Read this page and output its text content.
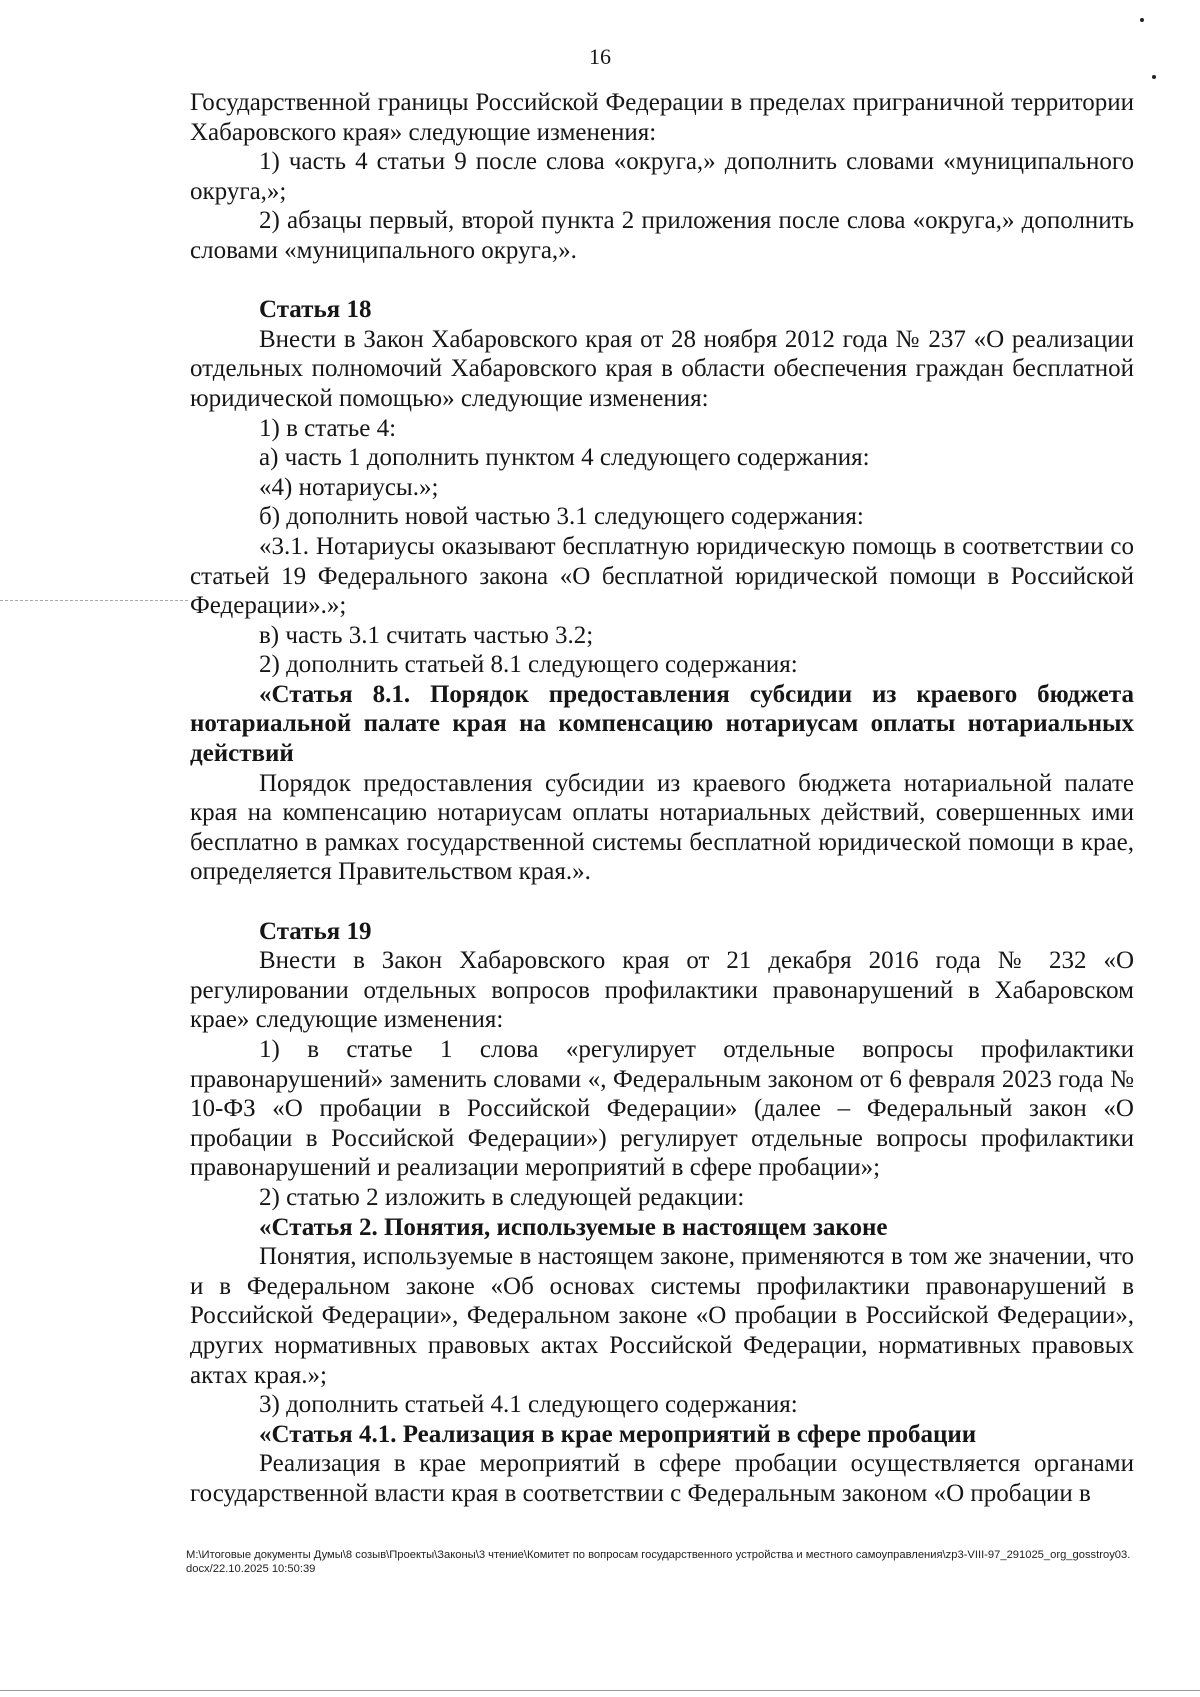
16

Государственной границы Российской Федерации в пределах приграничной территории Хабаровского края» следующие изменения:

1) часть 4 статьи 9 после слова «округа,» дополнить словами «муниципального округа,»;

2) абзацы первый, второй пункта 2 приложения после слова «округа,» дополнить словами «муниципального округа,».

Статья 18

Внести в Закон Хабаровского края от 28 ноября 2012 года № 237 «О реализации отдельных полномочий Хабаровского края в области обеспечения граждан бесплатной юридической помощью» следующие изменения:

1) в статье 4:

а) часть 1 дополнить пунктом 4 следующего содержания:

«4) нотариусы.»;

б) дополнить новой частью 3.1 следующего содержания:

«3.1. Нотариусы оказывают бесплатную юридическую помощь в соответствии со статьей 19 Федерального закона «О бесплатной юридической помощи в Российской Федерации».»;

в) часть 3.1 считать частью 3.2;

2) дополнить статьей 8.1 следующего содержания:

«Статья 8.1. Порядок предоставления субсидии из краевого бюджета нотариальной палате края на компенсацию нотариусам оплаты нотариальных действий

Порядок предоставления субсидии из краевого бюджета нотариальной палате края на компенсацию нотариусам оплаты нотариальных действий, совершенных ими бесплатно в рамках государственной системы бесплатной юридической помощи в крае, определяется Правительством края.».

Статья 19

Внести в Закон Хабаровского края от 21 декабря 2016 года № 232 «О регулировании отдельных вопросов профилактики правонарушений в Хабаровском крае» следующие изменения:

1) в статье 1 слова «регулирует отдельные вопросы профилактики правонарушений» заменить словами «, Федеральным законом от 6 февраля 2023 года № 10-ФЗ «О пробации в Российской Федерации» (далее – Федеральный закон «О пробации в Российской Федерации») регулирует отдельные вопросы профилактики правонарушений и реализации мероприятий в сфере пробации»;

2) статью 2 изложить в следующей редакции:

«Статья 2. Понятия, используемые в настоящем законе

Понятия, используемые в настоящем законе, применяются в том же значении, что и в Федеральном законе «Об основах системы профилактики правонарушений в Российской Федерации», Федеральном законе «О пробации в Российской Федерации», других нормативных правовых актах Российской Федерации, нормативных правовых актах края.»;

3) дополнить статьей 4.1 следующего содержания:

«Статья 4.1. Реализация в крае мероприятий в сфере пробации

Реализация в крае мероприятий в сфере пробации осуществляется органами государственной власти края в соответствии с Федеральным законом «О пробации в

M:\Итоговые документы Думы\8 созыв\Проекты\Законы\3 чтение\Комитет по вопросам государственного устройства и местного самоуправления\zp3-VIII-97_291025_org_gosstroy03.docx/22.10.2025 10:50:39
